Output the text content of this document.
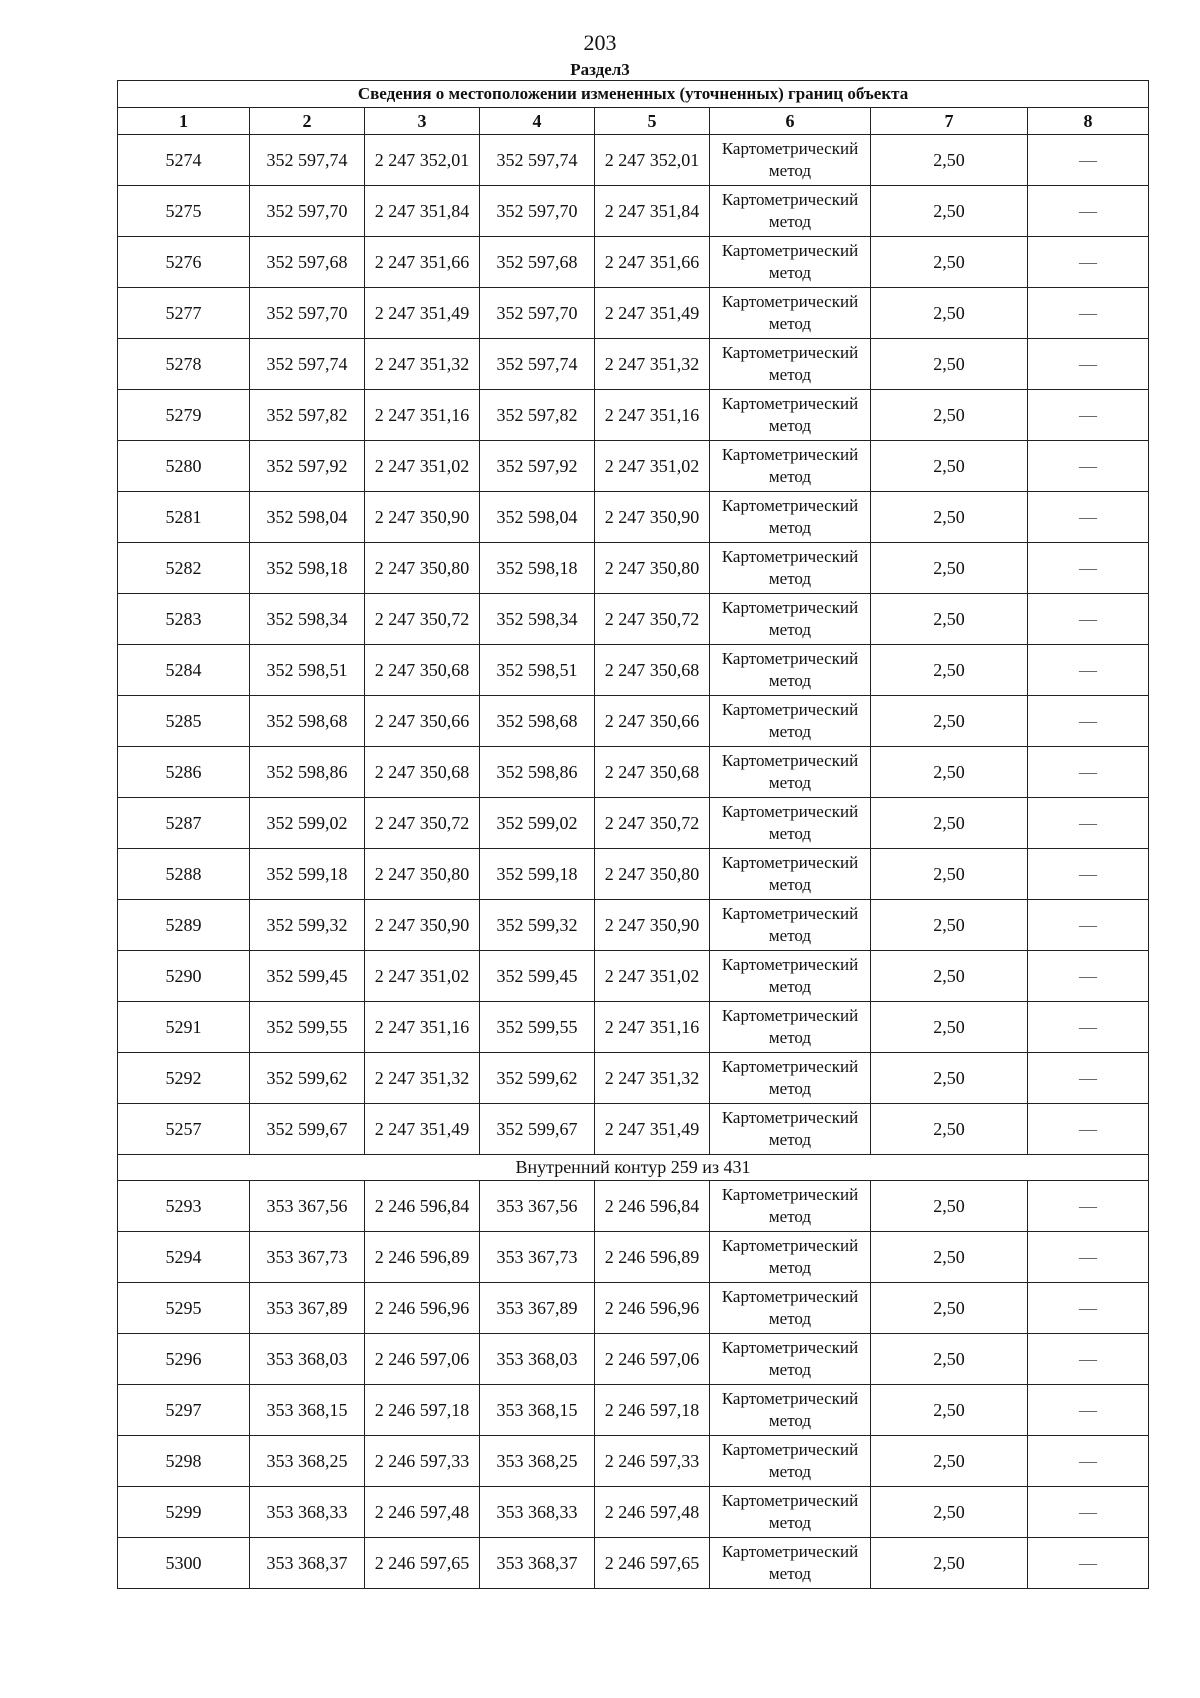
203
Раздел3
Сведения о местоположении измененных (уточненных) границ объекта							
1	2	3	4	5	6	7	8
5274	352 597,74	2 247 352,01	352 597,74	2 247 352,01	Картометрический метод	2,50	—
5275	352 597,70	2 247 351,84	352 597,70	2 247 351,84	Картометрический метод	2,50	—
5276	352 597,68	2 247 351,66	352 597,68	2 247 351,66	Картометрический метод	2,50	—
5277	352 597,70	2 247 351,49	352 597,70	2 247 351,49	Картометрический метод	2,50	—
5278	352 597,74	2 247 351,32	352 597,74	2 247 351,32	Картометрический метод	2,50	—
5279	352 597,82	2 247 351,16	352 597,82	2 247 351,16	Картометрический метод	2,50	—
5280	352 597,92	2 247 351,02	352 597,92	2 247 351,02	Картометрический метод	2,50	—
5281	352 598,04	2 247 350,90	352 598,04	2 247 350,90	Картометрический метод	2,50	—
5282	352 598,18	2 247 350,80	352 598,18	2 247 350,80	Картометрический метод	2,50	—
5283	352 598,34	2 247 350,72	352 598,34	2 247 350,72	Картометрический метод	2,50	—
5284	352 598,51	2 247 350,68	352 598,51	2 247 350,68	Картометрический метод	2,50	—
5285	352 598,68	2 247 350,66	352 598,68	2 247 350,66	Картометрический метод	2,50	—
5286	352 598,86	2 247 350,68	352 598,86	2 247 350,68	Картометрический метод	2,50	—
5287	352 599,02	2 247 350,72	352 599,02	2 247 350,72	Картометрический метод	2,50	—
5288	352 599,18	2 247 350,80	352 599,18	2 247 350,80	Картометрический метод	2,50	—
5289	352 599,32	2 247 350,90	352 599,32	2 247 350,90	Картометрический метод	2,50	—
5290	352 599,45	2 247 351,02	352 599,45	2 247 351,02	Картометрический метод	2,50	—
5291	352 599,55	2 247 351,16	352 599,55	2 247 351,16	Картометрический метод	2,50	—
5292	352 599,62	2 247 351,32	352 599,62	2 247 351,32	Картометрический метод	2,50	—
5257	352 599,67	2 247 351,49	352 599,67	2 247 351,49	Картометрический метод	2,50	—
Внутренний контур 259 из 431							
5293	353 367,56	2 246 596,84	353 367,56	2 246 596,84	Картометрический метод	2,50	—
5294	353 367,73	2 246 596,89	353 367,73	2 246 596,89	Картометрический метод	2,50	—
5295	353 367,89	2 246 596,96	353 367,89	2 246 596,96	Картометрический метод	2,50	—
5296	353 368,03	2 246 597,06	353 368,03	2 246 597,06	Картометрический метод	2,50	—
5297	353 368,15	2 246 597,18	353 368,15	2 246 597,18	Картометрический метод	2,50	—
5298	353 368,25	2 246 597,33	353 368,25	2 246 597,33	Картометрический метод	2,50	—
5299	353 368,33	2 246 597,48	353 368,33	2 246 597,48	Картометрический метод	2,50	—
5300	353 368,37	2 246 597,65	353 368,37	2 246 597,65	Картометрический метод	2,50	—
